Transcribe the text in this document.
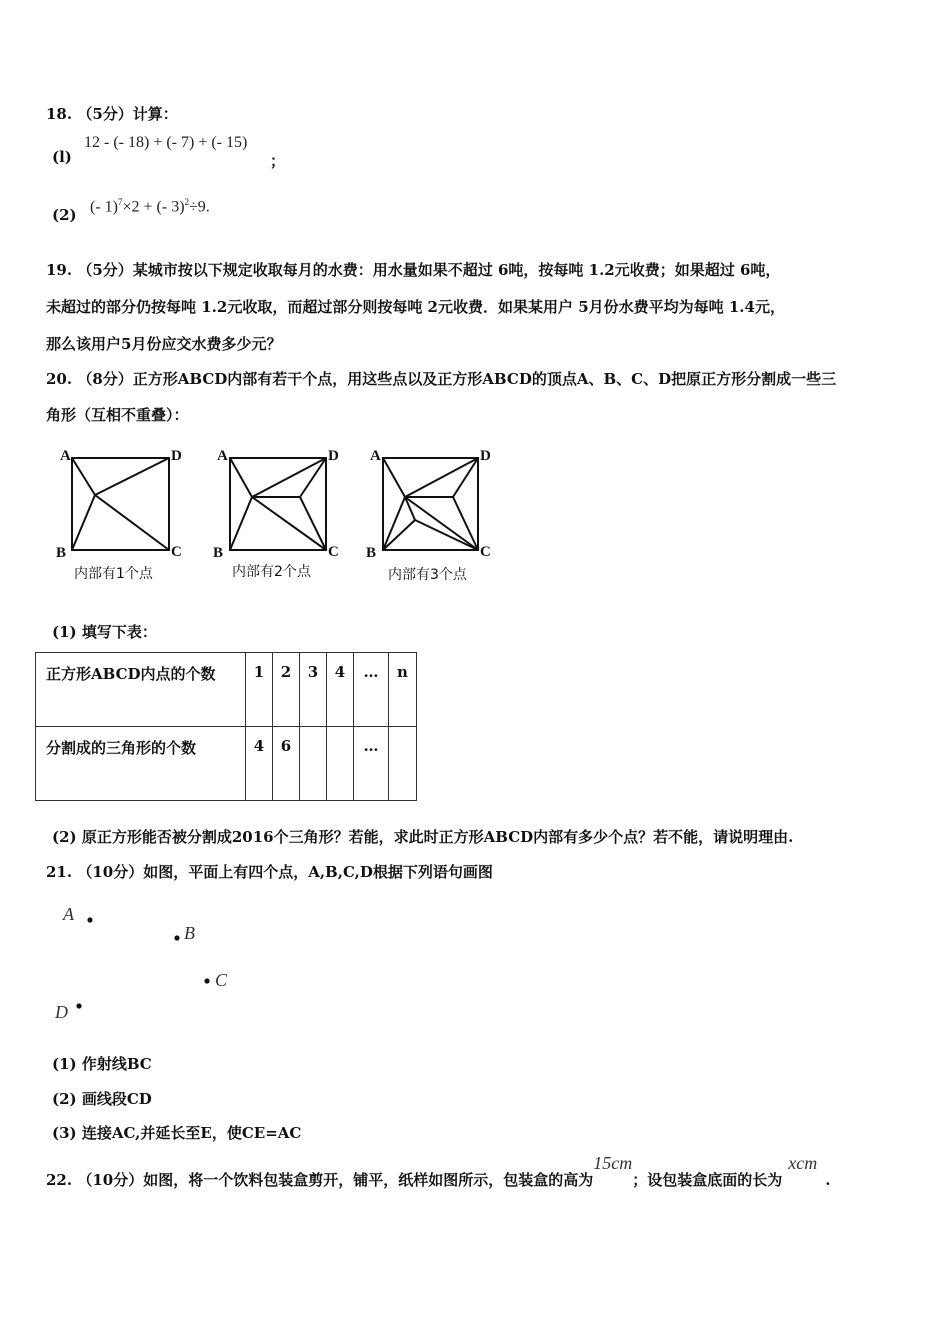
18. （5分）计算：
(l)
12 - (- 18) + (- 7) + (- 15)
；
(2) (- 1)$^7$×2 + (- 3)$^2$÷9.
19. （5分）某城市按以下规定收取每月的水费：用水量如果不超过 6吨，按每吨 1.2元收费；如果超过 6吨，
未超过的部分仍按每吨 1.2元收取，而超过部分则按每吨 2元收费．如果某用户 5月份水费平均为每吨 1.4元，
那么该用户5月份应交水费多少元？
20. （8分）正方形ABCD内部有若干个点，用这些点以及正方形ABCD的顶点A、B、C、D把原正方形分割成一些三
角形（互相不重叠）：
A	D
B	C
A	D
B	C
A	D
B	C
内部有1个点	内部有2个点	内部有3个点
(1) 填写下表：
正方形ABCD内点的个数	1	2	3	4	…	n
分割成的三角形的个数	4	6			…	
(2) 原正方形能否被分割成2016个三角形？若能，求此时正方形ABCD内部有多少个点？若不能，请说明理由.
21. （10分）如图，平面上有四个点，A,B,C,D根据下列语句画图
A
B
C
D
(1) 作射线BC
(2) 画线段CD
(3) 连接AC,并延长至E，使CE=AC
22. （10分）如图，将一个饮料包装盒剪开，铺平，纸样如图所示，包装盒的高为15cm；设包装盒底面的长为xcm.
